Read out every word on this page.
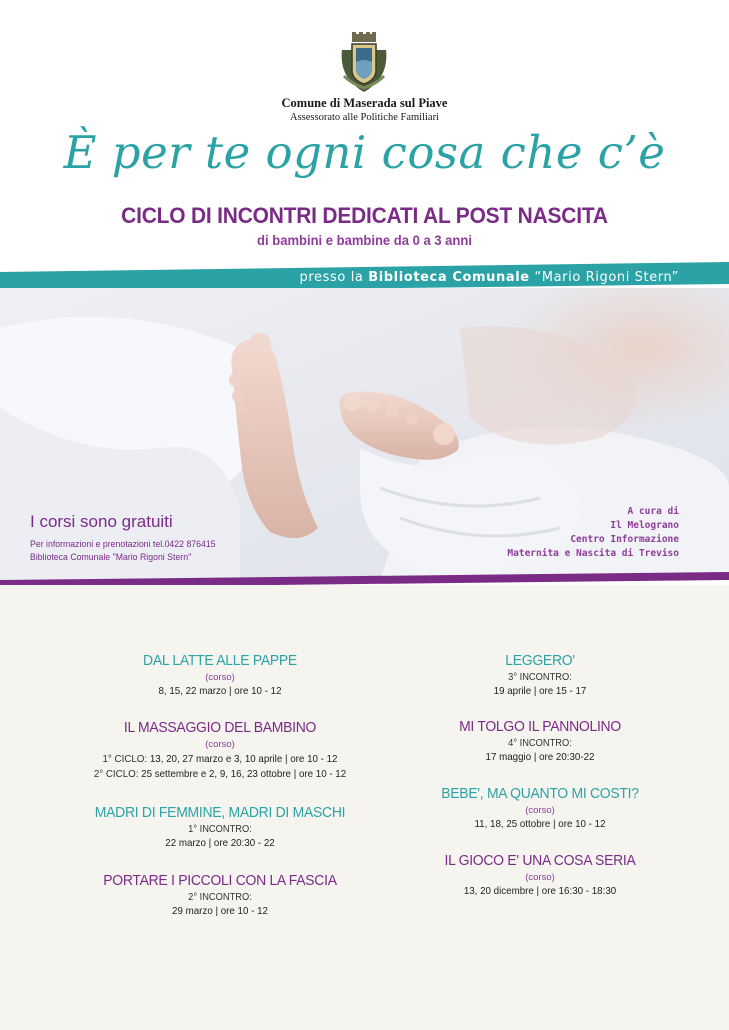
Comune di Maserada sul Piave
Assessorato alle Politiche Familiari
È per te ogni cosa che c’è
CICLO DI INCONTRI DEDICATI AL POST NASCITA
di bambini e bambine da 0 a 3 anni
presso la Biblioteca Comunale “Mario Rigoni Stern”
I corsi sono gratuiti
Per informazioni e prenotazioni tel.0422 876415
Biblioteca Comunale "Mario Rigoni Stern"
A cura di
Il Melograno
Centro Informazione
Maternita e Nascita di Treviso
DAL LATTE ALLE PAPPE
(corso)
8, 15, 22 marzo | ore 10 - 12
IL MASSAGGIO DEL BAMBINO
(corso)
1° CICLO: 13, 20, 27 marzo e 3, 10 aprile | ore 10 - 12
2° CICLO: 25 settembre e 2, 9, 16, 23 ottobre | ore 10 - 12
MADRI DI FEMMINE, MADRI DI MASCHI
1° INCONTRO:
22 marzo | ore 20:30 - 22
PORTARE I PICCOLI CON LA FASCIA
2° INCONTRO:
29 marzo | ore 10 - 12
LEGGERO'
3° INCONTRO:
19 aprile | ore 15 - 17
MI TOLGO IL PANNOLINO
4° INCONTRO:
17 maggio | ore 20:30-22
BEBE', MA QUANTO MI COSTI?
(corso)
11, 18, 25 ottobre | ore 10 - 12
IL GIOCO E' UNA COSA SERIA
(corso)
13, 20 dicembre | ore 16:30 - 18:30
